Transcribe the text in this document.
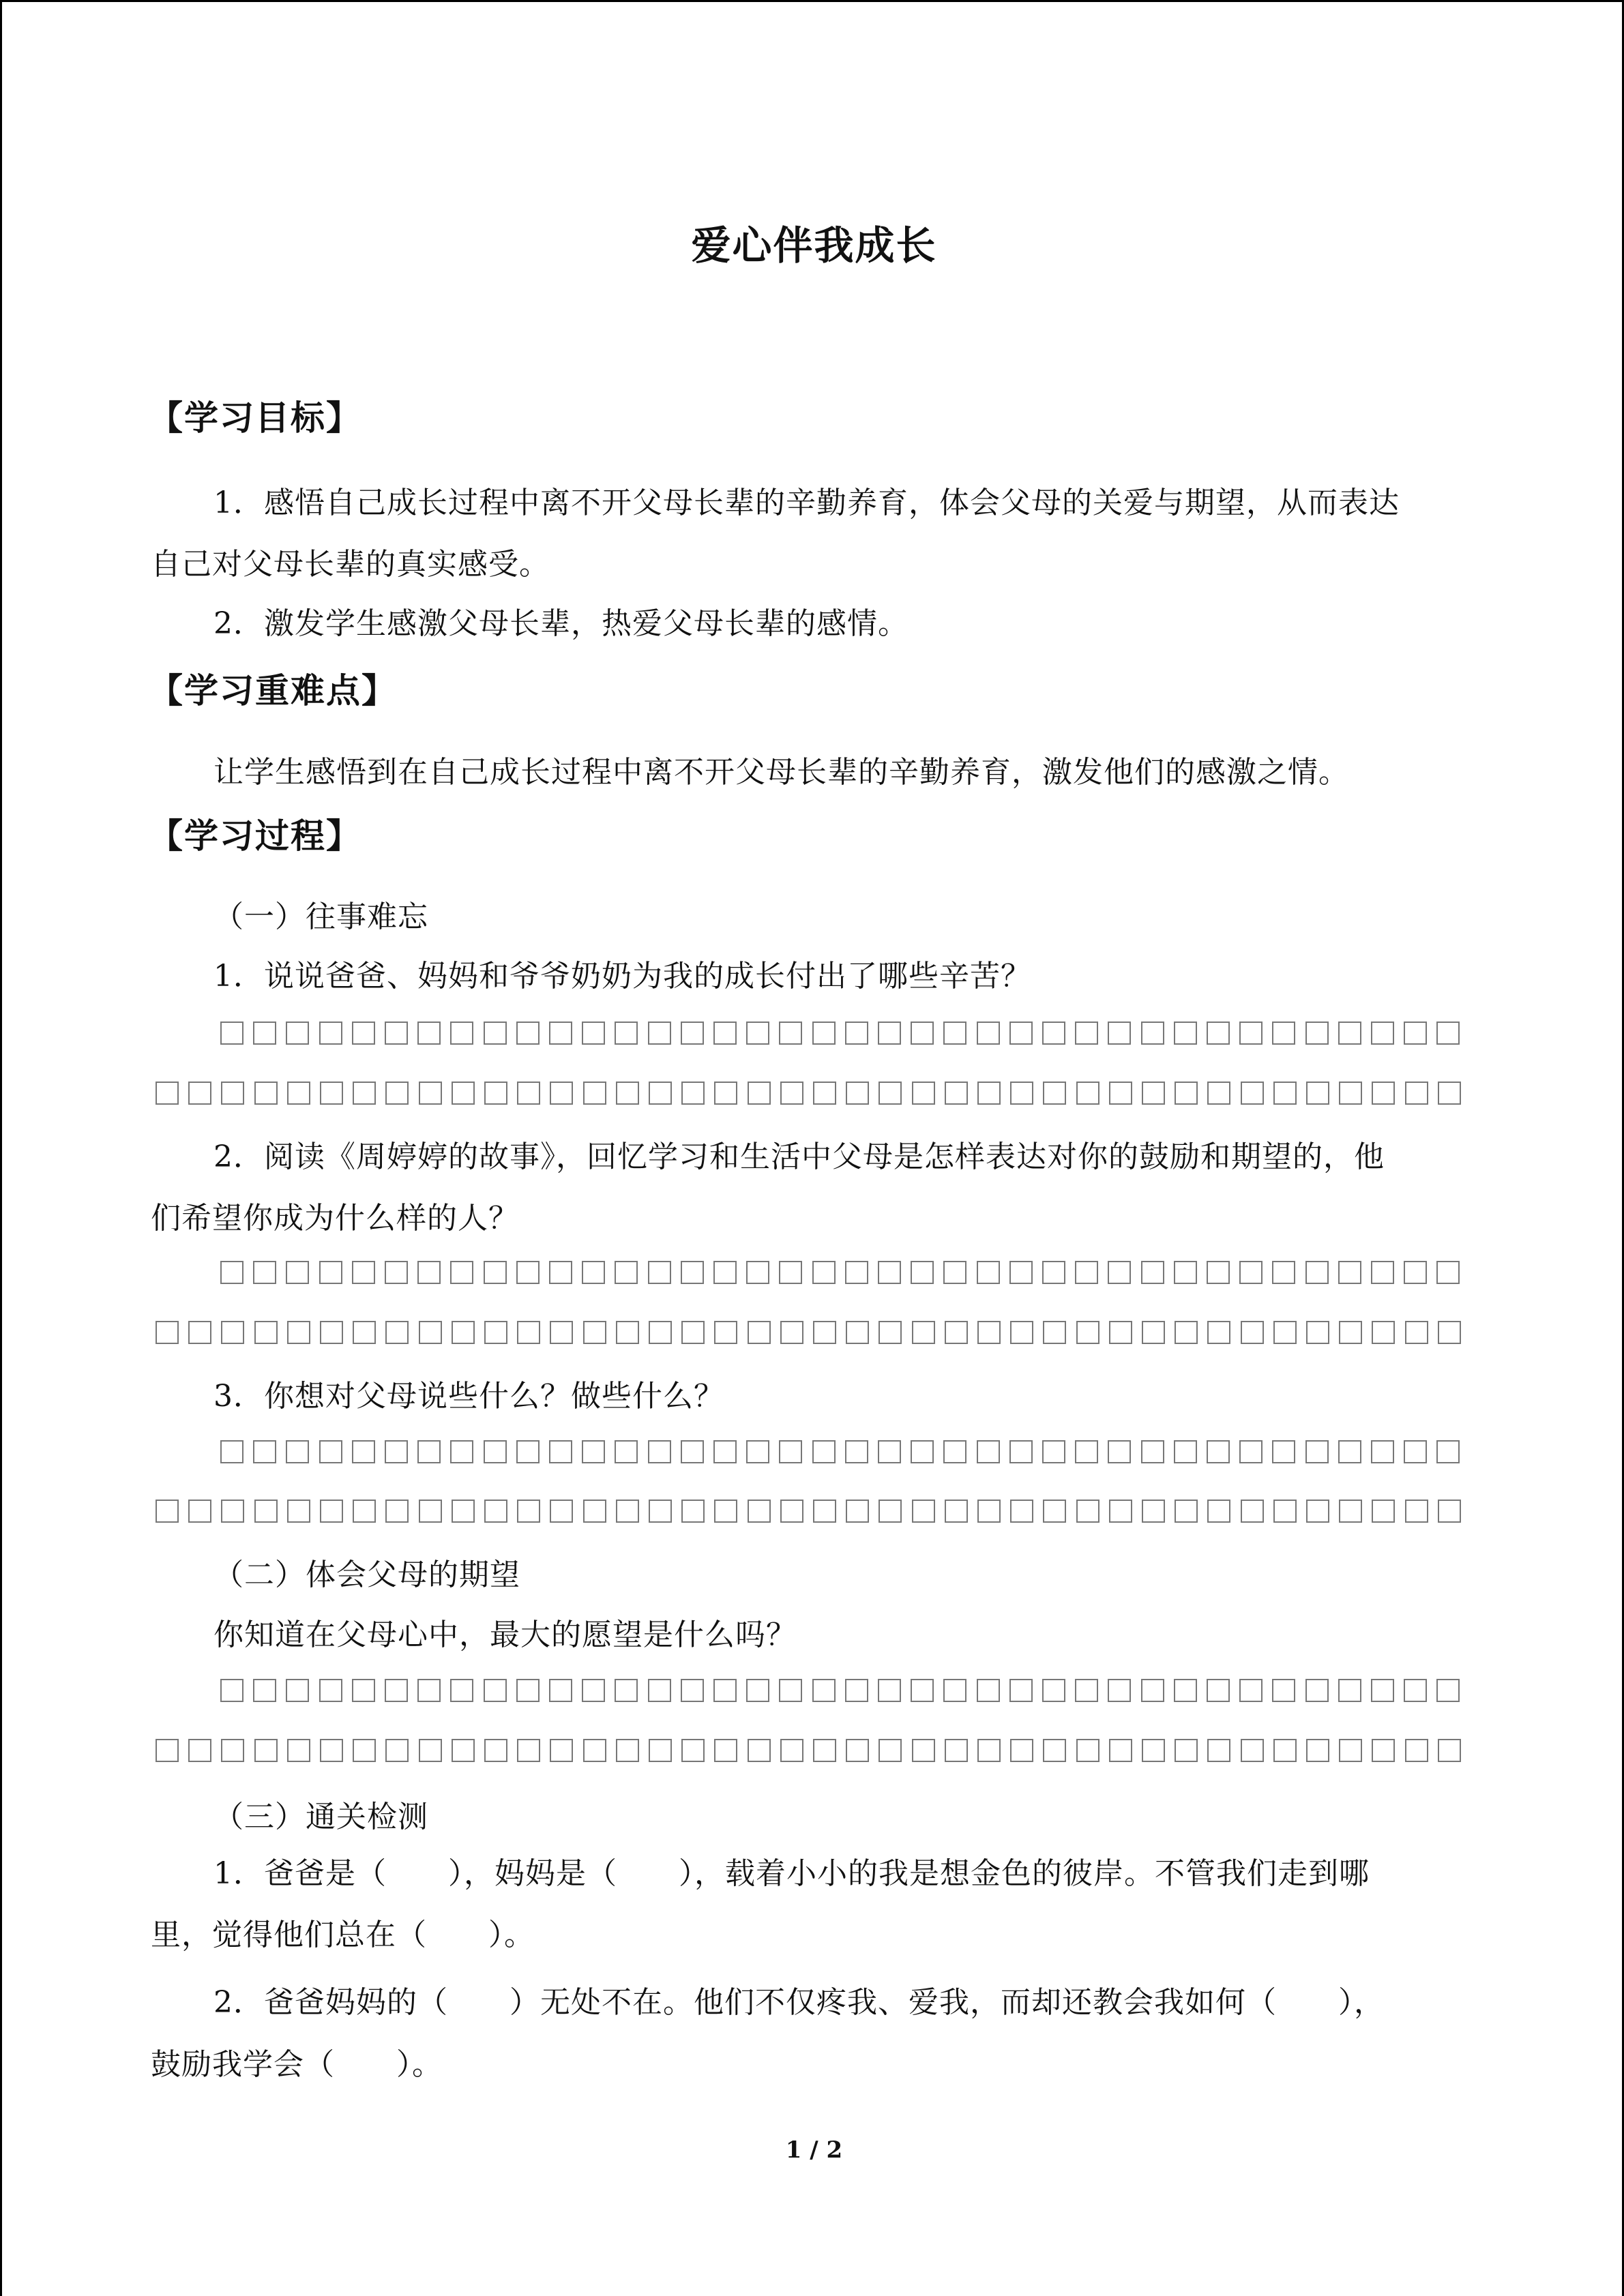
爱心伴我成长
【学习目标】
1．感悟自己成长过程中离不开父母长辈的辛勤养育，体会父母的关爱与期望，从而表达
自己对父母长辈的真实感受。
2．激发学生感激父母长辈，热爱父母长辈的感情。
【学习重难点】
让学生感悟到在自己成长过程中离不开父母长辈的辛勤养育，激发他们的感激之情。
【学习过程】
（一）往事难忘
1．说说爸爸、妈妈和爷爷奶奶为我的成长付出了哪些辛苦？
2．阅读《周婷婷的故事》，回忆学习和生活中父母是怎样表达对你的鼓励和期望的，他
们希望你成为什么样的人？
3．你想对父母说些什么？做些什么？
（二）体会父母的期望
你知道在父母心中，最大的愿望是什么吗？
（三）通关检测
1．爸爸是（　　），妈妈是（　　），载着小小的我是想金色的彼岸。不管我们走到哪
里，觉得他们总在（　　）。
2．爸爸妈妈的（　　）无处不在。他们不仅疼我、爱我，而却还教会我如何（　　），
鼓励我学会（　　）。
1 / 2
